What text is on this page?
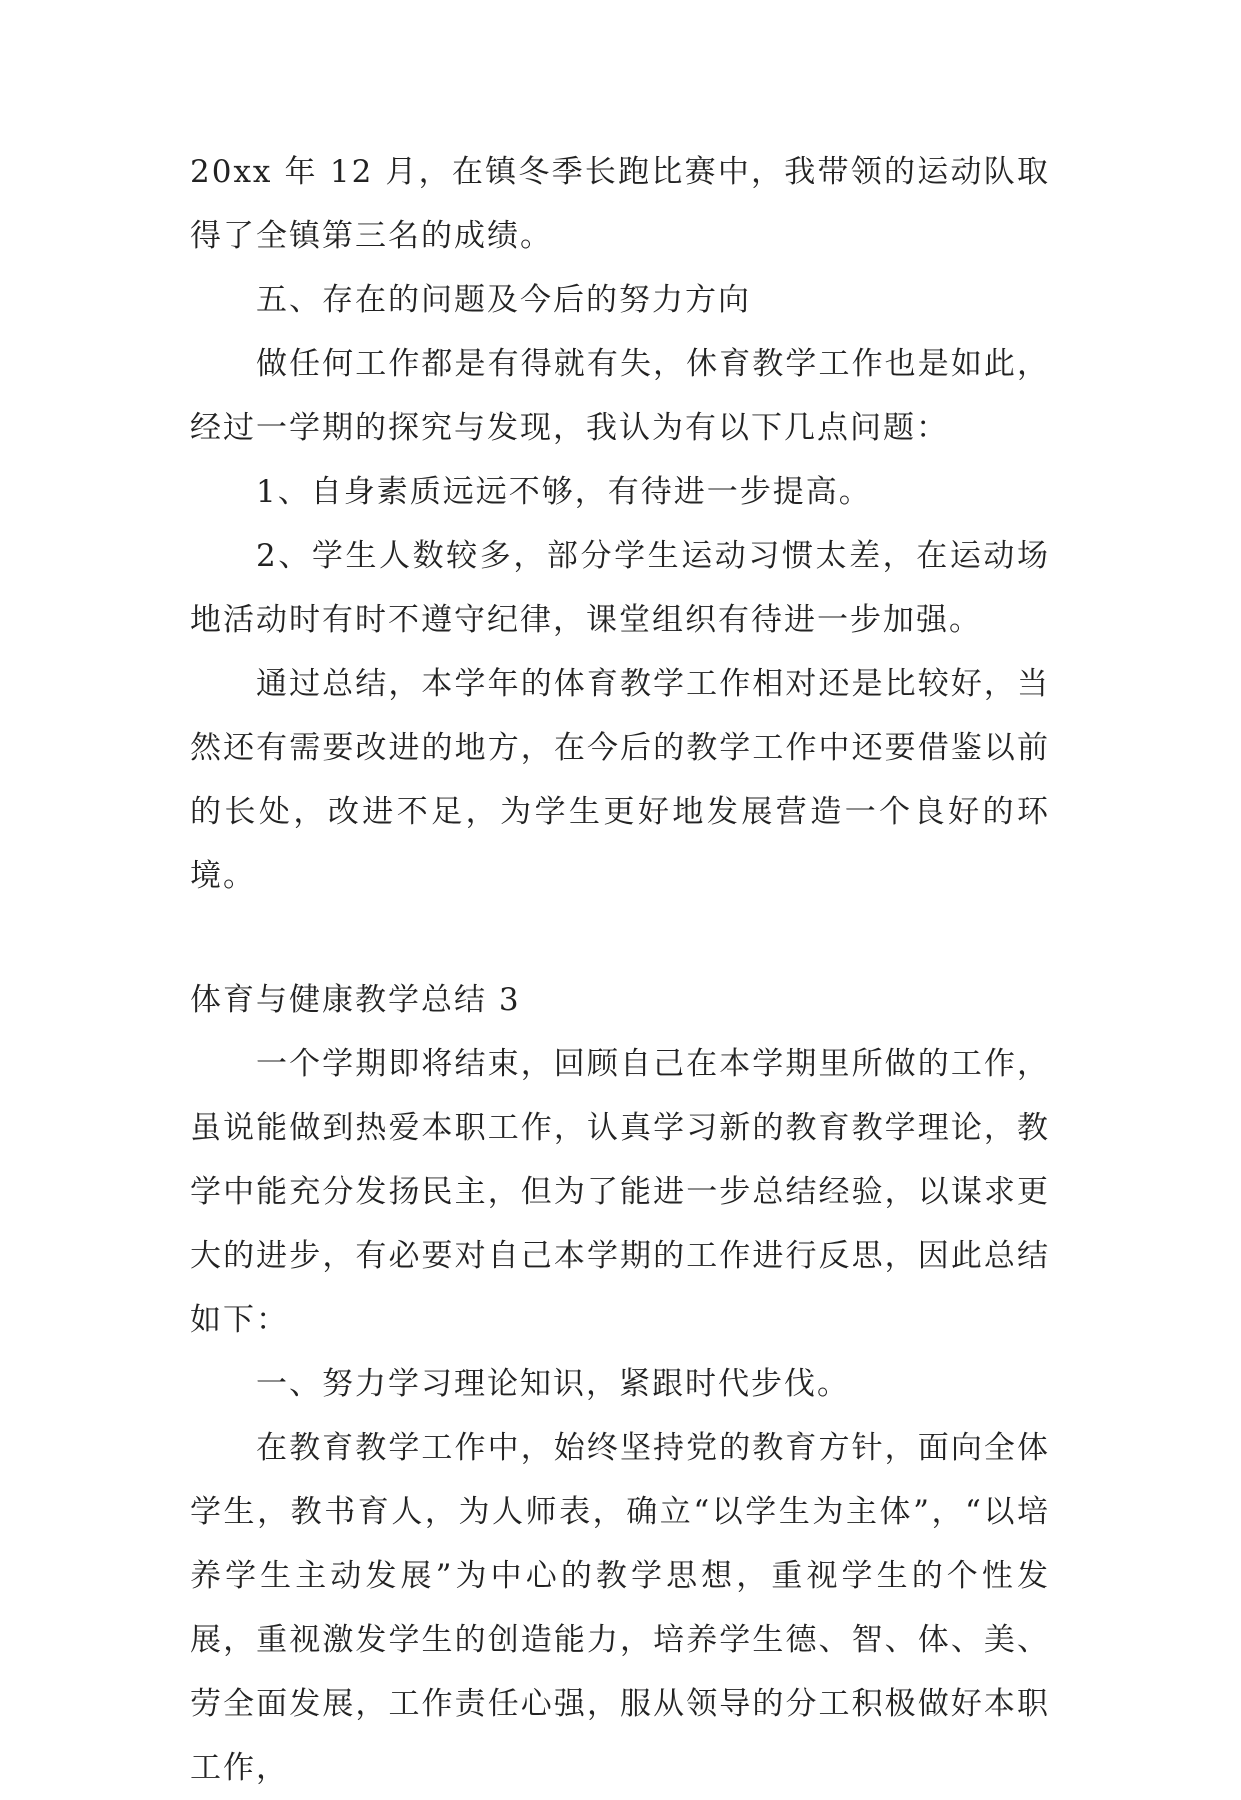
20xx 年 12 月，在镇冬季长跑比赛中，我带领的运动队取得了全镇第三名的成绩。

五、存在的问题及今后的努力方向

做任何工作都是有得就有失，休育教学工作也是如此，经过一学期的探究与发现，我认为有以下几点问题：

1、自身素质远远不够，有待进一步提高。

2、学生人数较多，部分学生运动习惯太差，在运动场地活动时有时不遵守纪律，课堂组织有待进一步加强。

通过总结，本学年的体育教学工作相对还是比较好，当然还有需要改进的地方，在今后的教学工作中还要借鉴以前的长处，改进不足，为学生更好地发展营造一个良好的环境。

体育与健康教学总结 3

一个学期即将结束，回顾自己在本学期里所做的工作，虽说能做到热爱本职工作，认真学习新的教育教学理论，教学中能充分发扬民主，但为了能进一步总结经验，以谋求更大的进步，有必要对自己本学期的工作进行反思，因此总结如下：

一、努力学习理论知识，紧跟时代步伐。

在教育教学工作中，始终坚持党的教育方针，面向全体学生，教书育人，为人师表，确立“以学生为主体”，“以培养学生主动发展”为中心的教学思想，重视学生的个性发展，重视激发学生的创造能力，培养学生德、智、体、美、劳全面发展，工作责任心强，服从领导的分工积极做好本职工作，
